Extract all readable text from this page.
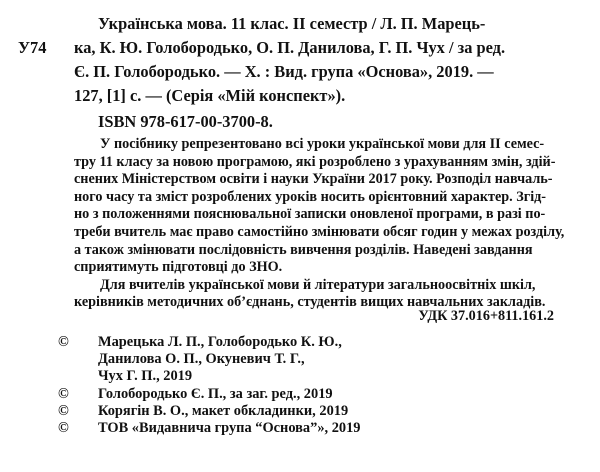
У74
Українська мова. 11 клас. II семестр / Л. П. Марець-
ка, К. Ю. Голобородько, О. П. Данилова, Г. П. Чух / за ред.
Є. П. Голобородько. — Х. : Вид. група «Основа», 2019. —
127, [1] с. — (Серія «Мій конспект»).
ISBN 978-617-00-3700-8.
У посібнику репрезентовано всі уроки української мови для II семес-
тру 11 класу за новою програмою, які розроблено з урахуванням змін, здій-
снених Міністерством освіти і науки України 2017 року. Розподіл навчаль-
ного часу та зміст розроблених уроків носить орієнтовний характер. Згід-
но з положеннями пояснювальної записки оновленої програми, в разі по-
треби вчитель має право самостійно змінювати обсяг годин у межах розділу,
а також змінювати послідовність вивчення розділів. Наведені завдання
сприятимуть підготовці до ЗНО.
Для вчителів української мови й літератури загальноосвітніх шкіл,
керівників методичних об’єднань, студентів вищих навчальних закладів.
УДК 37.016+811.161.2
©	Марецька Л. П., Голобородько К. Ю.,
Данилова О. П., Окуневич Т. Г.,
Чух Г. П., 2019
©	Голобородько Є. П., за заг. ред., 2019
©	Корягін В. О., макет обкладинки, 2019
©	ТОВ «Видавнича група “Основа”», 2019
